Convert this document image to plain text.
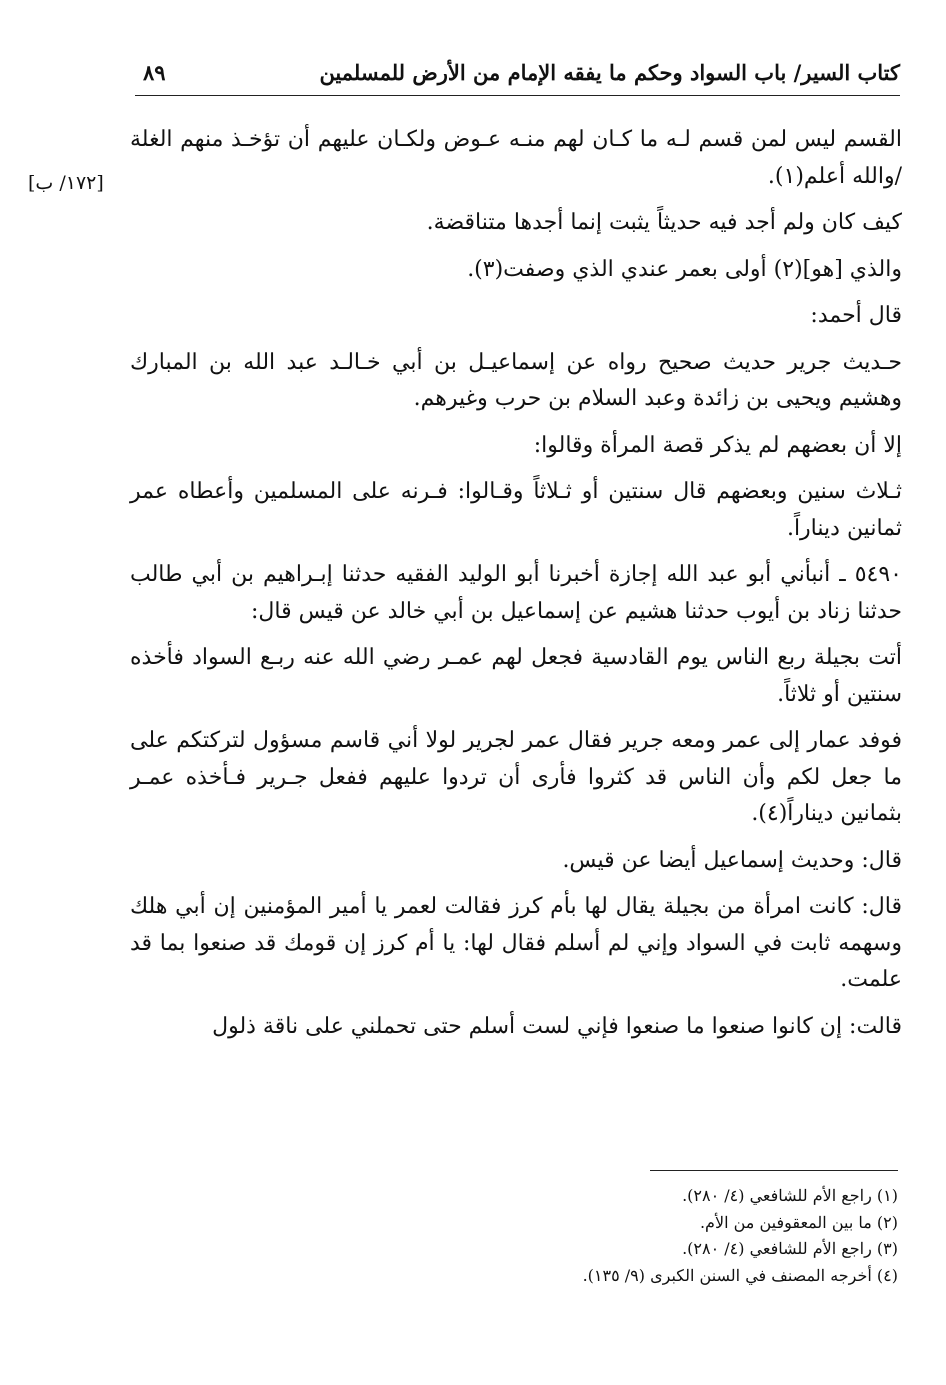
كتاب السير/ باب السواد وحكم ما يفقه الإمام من الأرض للمسلمين
٨٩
[١٧٢/ ب]

القسم ليس لمن قسم لـه ما كـان لهم منـه عـوض ولكـان عليهم أن تؤخـذ منهم الغلة /والله أعلم(١).

كيف كان ولم أجد فيه حديثاً يثبت إنما أجدها متناقضة.

والذي [هو](٢) أولى بعمر عندي الذي وصفت(٣).

قال أحمد:

حـديث جرير حديث صحيح رواه عن إسماعيـل بن أبي خـالـد عبد الله بن المبارك وهشيم ويحيى بن زائدة وعبد السلام بن حرب وغيرهم.

إلا أن بعضهم لم يذكر قصة المرأة وقالوا:

ثـلاث سنين وبعضهم قال سنتين أو ثـلاثاً وقـالوا: فـرنه على المسلمين وأعطاه عمر ثمانين ديناراً.

٥٤٩٠ ـ أنبأني أبو عبد الله إجازة أخبرنا أبو الوليد الفقيه حدثنا إبـراهيم بن أبي طالب حدثنا زناد بن أيوب حدثنا هشيم عن إسماعيل بن أبي خالد عن قيس قال:

أتت بجيلة ربع الناس يوم القادسية فجعل لهم عمـر رضي الله عنه ربـع السواد فأخذه سنتين أو ثلاثاً.

فوفد عمار إلى عمر ومعه جرير فقال عمر لجرير لولا أني قاسم مسؤول لتركتكم على ما جعل لكم وأن الناس قد كثروا فأرى أن تردوا عليهم ففعل جـرير فـأخذه عمـر بثمانين ديناراً(٤).

قال: وحديث إسماعيل أيضا عن قيس.

قال: كانت امرأة من بجيلة يقال لها بأم كرز فقالت لعمر يا أمير المؤمنين إن أبي هلك وسهمه ثابت في السواد وإني لم أسلم فقال لها: يا أم كرز إن قومك قد صنعوا بما قد علمت.

قالت: إن كانوا صنعوا ما صنعوا فإني لست أسلم حتى تحملني على ناقة ذلول

(١) راجع الأم للشافعي (٤/ ٢٨٠).
(٢) ما بين المعقوفين من الأم.
(٣) راجع الأم للشافعي (٤/ ٢٨٠).
(٤) أخرجه المصنف في السنن الكبرى (٩/ ١٣٥).
